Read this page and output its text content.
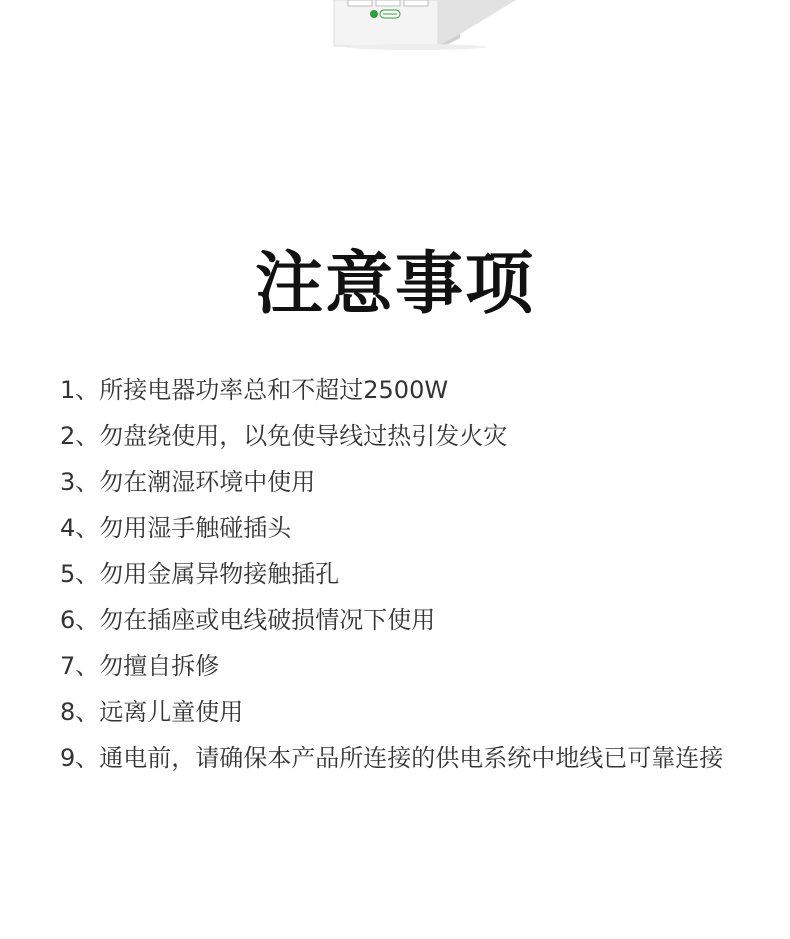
注意事项
1、所接电器功率总和不超过2500W
2、勿盘绕使用，以免使导线过热引发火灾
3、勿在潮湿环境中使用
4、勿用湿手触碰插头
5、勿用金属异物接触插孔
6、勿在插座或电线破损情况下使用
7、勿擅自拆修
8、远离儿童使用
9、通电前，请确保本产品所连接的供电系统中地线已可靠连接
